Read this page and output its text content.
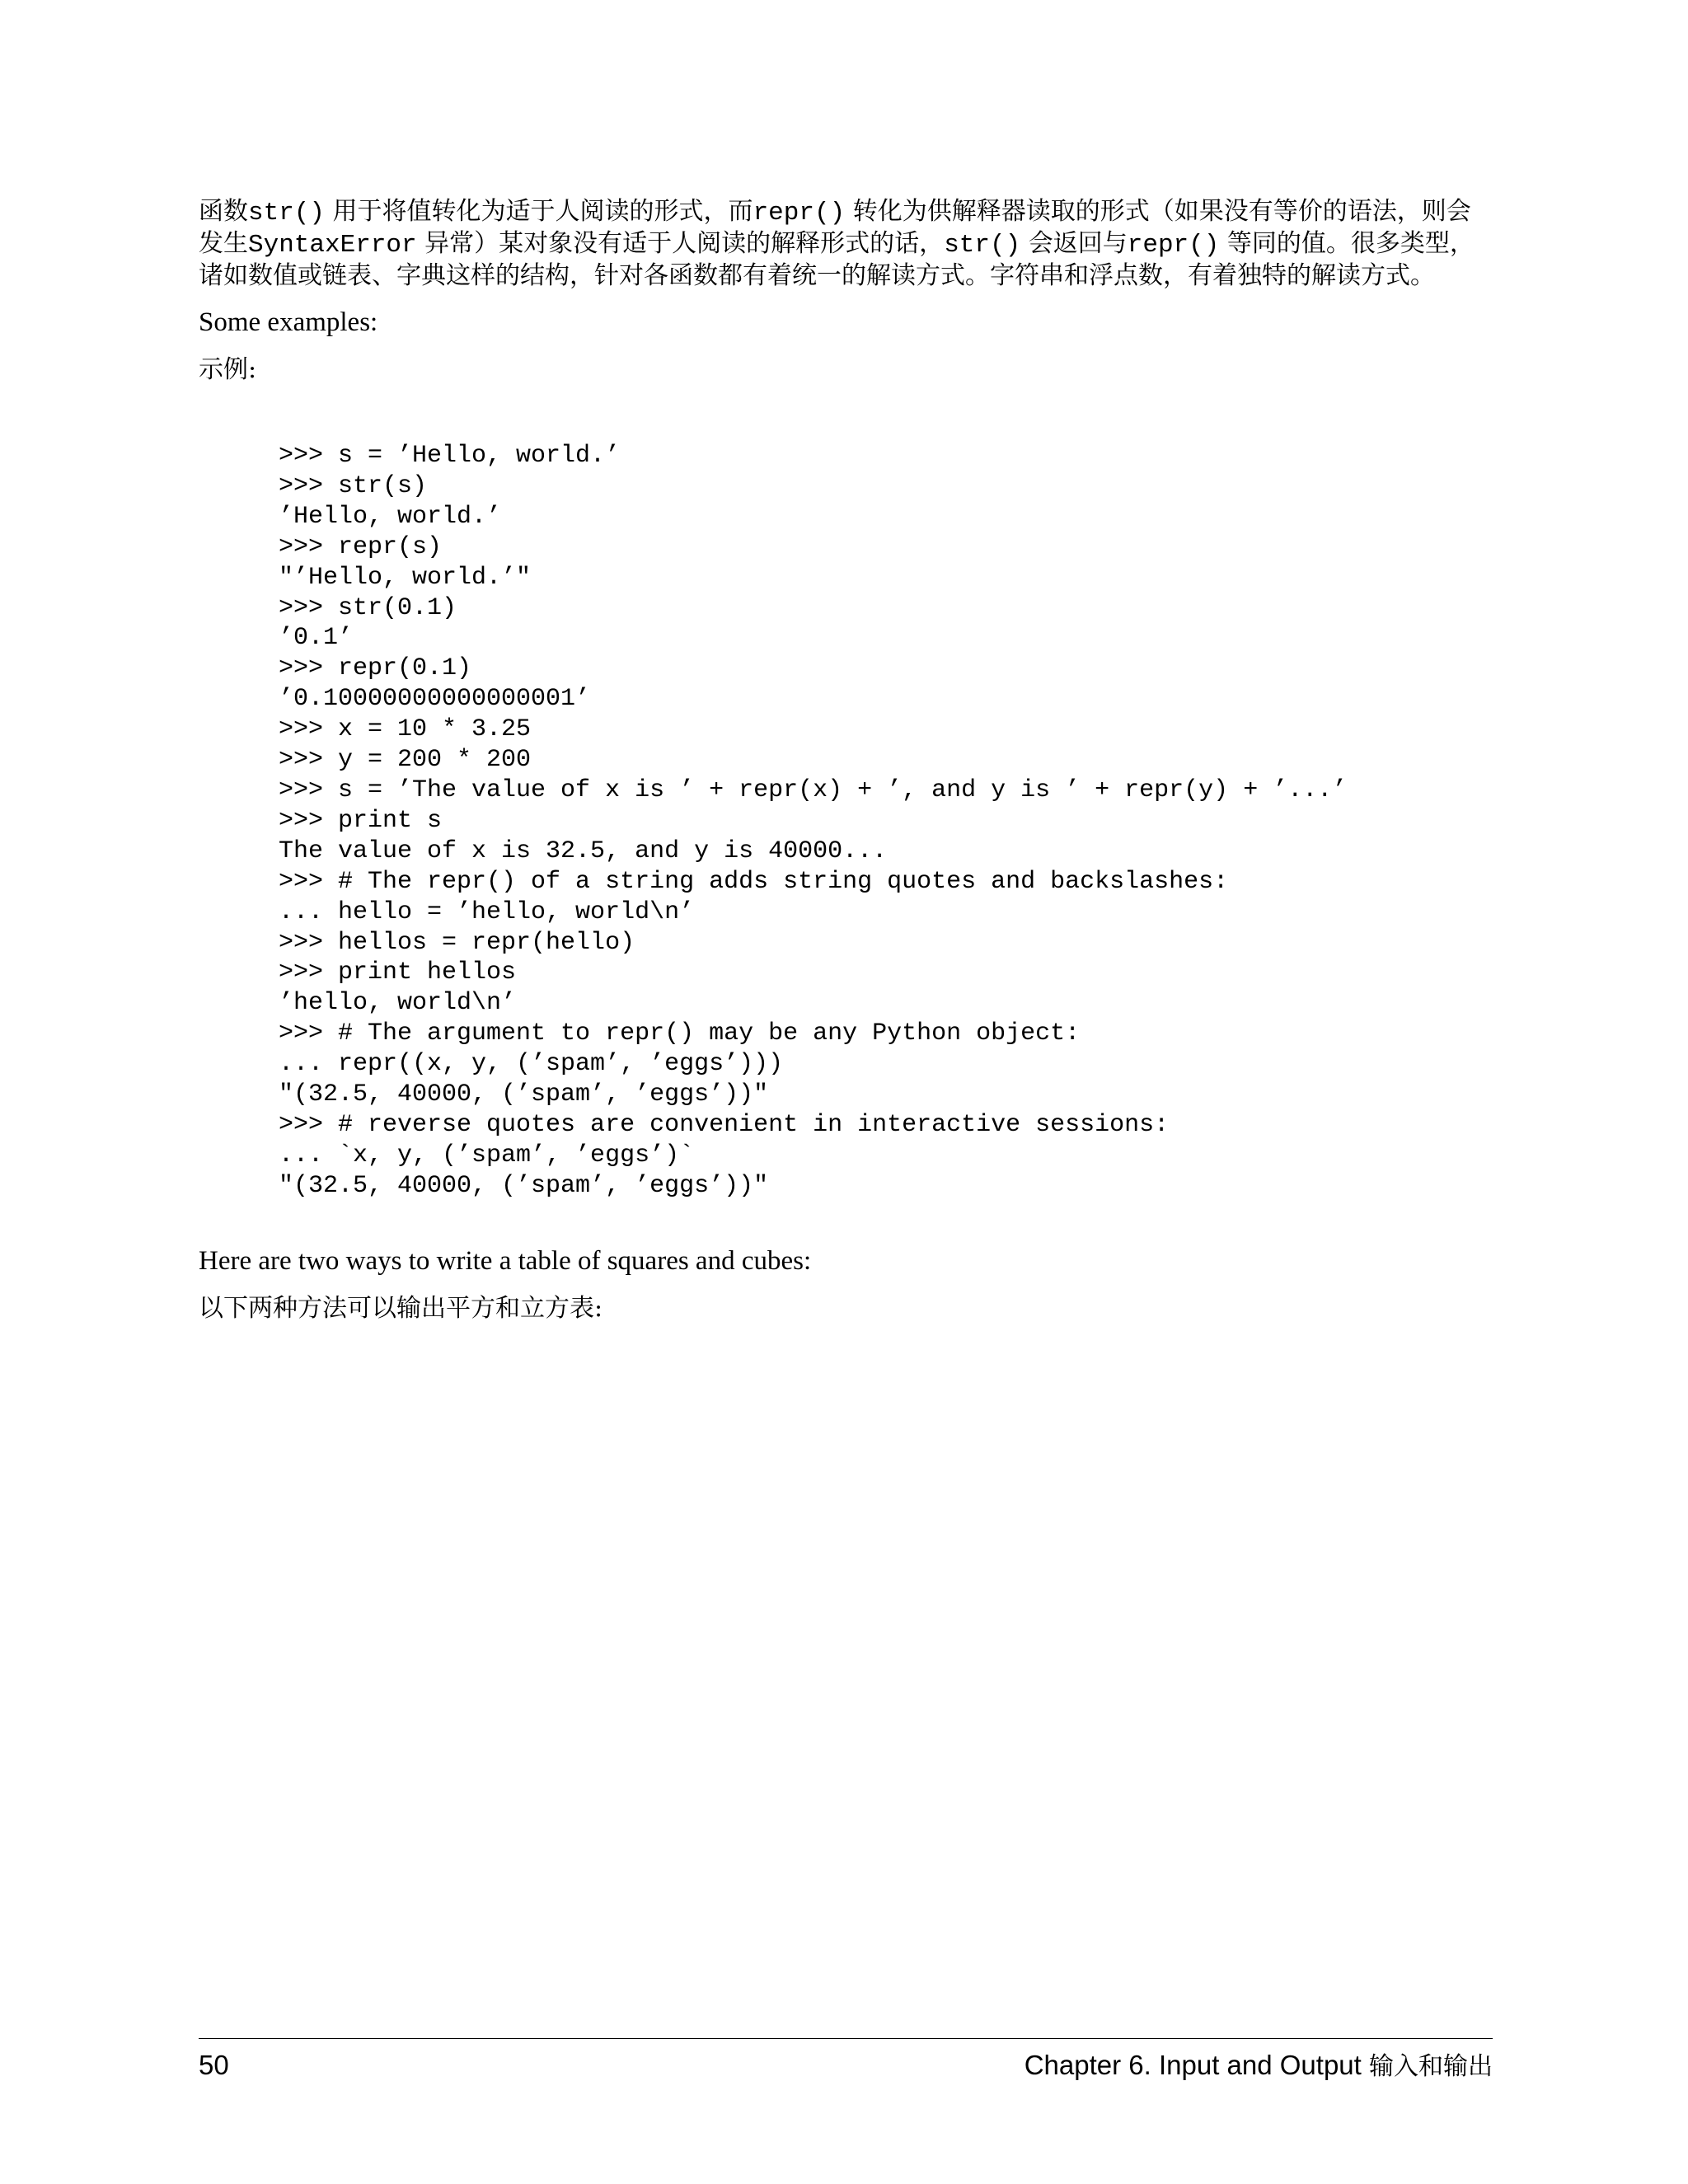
函数str() 用于将值转化为适于人阅读的形式，而repr() 转化为供解释器读取的形式（如果没有等价的语法，则会发生SyntaxError 异常）某对象没有适于人阅读的解释形式的话，str() 会返回与repr() 等同的值。很多类型，诸如数值或链表、字典这样的结构，针对各函数都有着统一的解读方式。字符串和浮点数，有着独特的解读方式。

Some examples:

示例:

>>> s = ’Hello, world.’
>>> str(s)
’Hello, world.’
>>> repr(s)
"’Hello, world.’"
>>> str(0.1)
’0.1’
>>> repr(0.1)
’0.10000000000000001’
>>> x = 10 * 3.25
>>> y = 200 * 200
>>> s = ’The value of x is ’ + repr(x) + ’, and y is ’ + repr(y) + ’...’
>>> print s
The value of x is 32.5, and y is 40000...
>>> # The repr() of a string adds string quotes and backslashes:
... hello = ’hello, world\n’
>>> hellos = repr(hello)
>>> print hellos
’hello, world\n’
>>> # The argument to repr() may be any Python object:
... repr((x, y, (’spam’, ’eggs’)))
"(32.5, 40000, (’spam’, ’eggs’))"
>>> # reverse quotes are convenient in interactive sessions:
... `x, y, (’spam’, ’eggs’)`
"(32.5, 40000, (’spam’, ’eggs’))"

Here are two ways to write a table of squares and cubes:

以下两种方法可以输出平方和立方表:

50	Chapter 6. Input and Output 输入和输出
